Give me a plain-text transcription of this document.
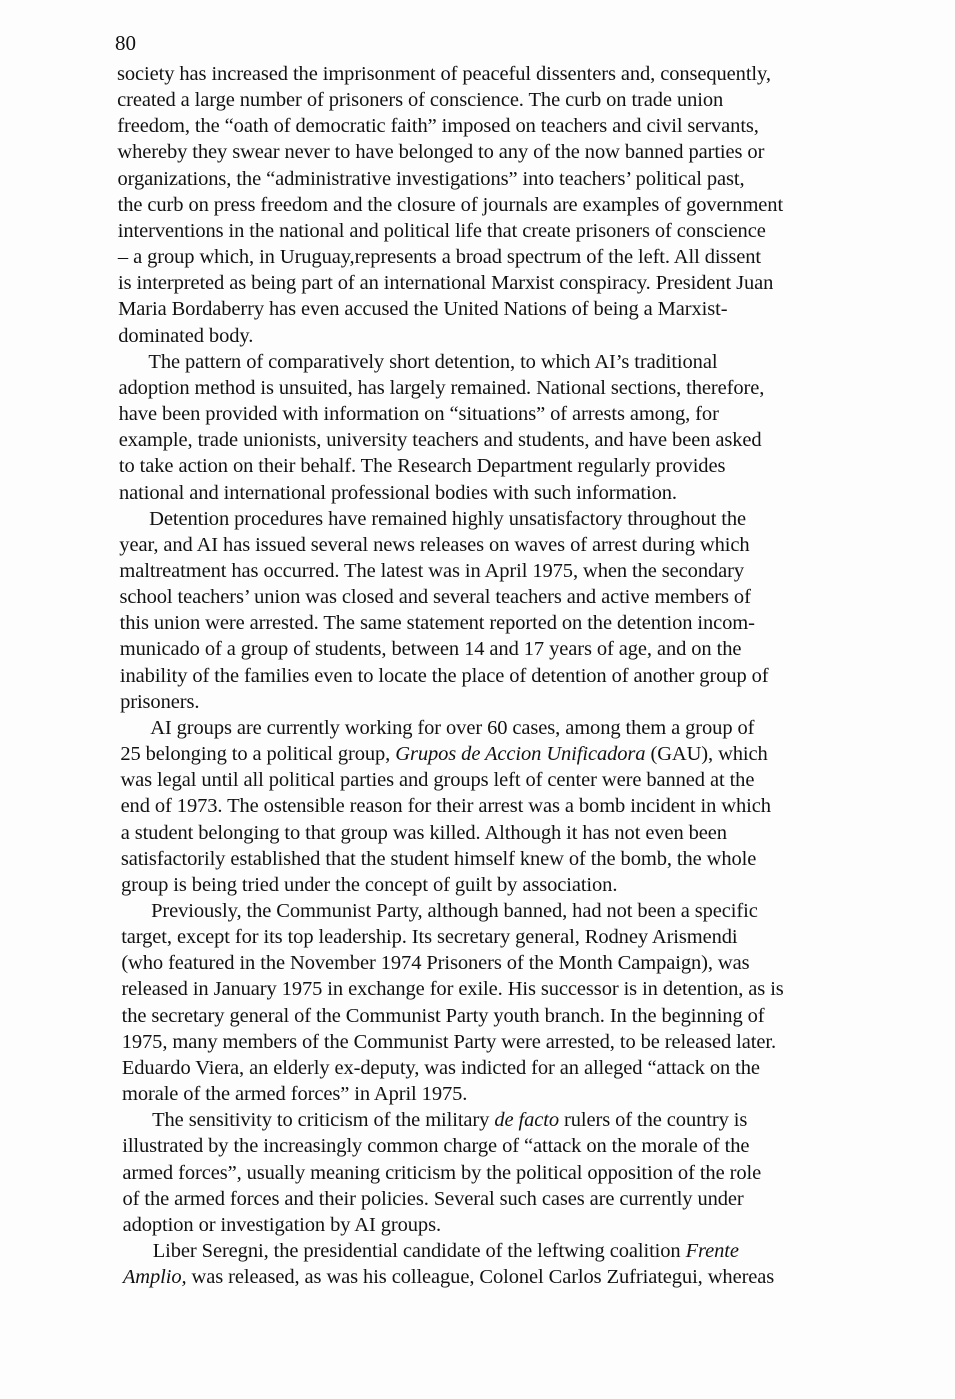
80
society has increased the imprisonment of peaceful dissenters and, consequently,
created a large number of prisoners of conscience. The curb on trade union
freedom, the “oath of democratic faith” imposed on teachers and civil servants,
whereby they swear never to have belonged to any of the now banned parties or
organizations, the “administrative investigations” into teachers’ political past,
the curb on press freedom and the closure of journals are examples of government
interventions in the national and political life that create prisoners of conscience
– a group which, in Uruguay,represents a broad spectrum of the left. All dissent
is interpreted as being part of an international Marxist conspiracy. President Juan
Maria Bordaberry has even accused the United Nations of being a Marxist-
dominated body.
The pattern of comparatively short detention, to which AI’s traditional
adoption method is unsuited, has largely remained. National sections, therefore,
have been provided with information on “situations” of arrests among, for
example, trade unionists, university teachers and students, and have been asked
to take action on their behalf. The Research Department regularly provides
national and international professional bodies with such information.
Detention procedures have remained highly unsatisfactory throughout the
year, and AI has issued several news releases on waves of arrest during which
maltreatment has occurred. The latest was in April 1975, when the secondary
school teachers’ union was closed and several teachers and active members of
this union were arrested. The same statement reported on the detention incom-
municado of a group of students, between 14 and 17 years of age, and on the
inability of the families even to locate the place of detention of another group of
prisoners.
AI groups are currently working for over 60 cases, among them a group of
25 belonging to a political group, Grupos de Accion Unificadora (GAU), which
was legal until all political parties and groups left of center were banned at the
end of 1973. The ostensible reason for their arrest was a bomb incident in which
a student belonging to that group was killed. Although it has not even been
satisfactorily established that the student himself knew of the bomb, the whole
group is being tried under the concept of guilt by association.
Previously, the Communist Party, although banned, had not been a specific
target, except for its top leadership. Its secretary general, Rodney Arismendi
(who featured in the November 1974 Prisoners of the Month Campaign), was
released in January 1975 in exchange for exile. His successor is in detention, as is
the secretary general of the Communist Party youth branch. In the beginning of
1975, many members of the Communist Party were arrested, to be released later.
Eduardo Viera, an elderly ex-deputy, was indicted for an alleged “attack on the
morale of the armed forces” in April 1975.
The sensitivity to criticism of the military de facto rulers of the country is
illustrated by the increasingly common charge of “attack on the morale of the
armed forces”, usually meaning criticism by the political opposition of the role
of the armed forces and their policies. Several such cases are currently under
adoption or investigation by AI groups.
Liber Seregni, the presidential candidate of the leftwing coalition Frente
Amplio, was released, as was his colleague, Colonel Carlos Zufriategui, whereas
